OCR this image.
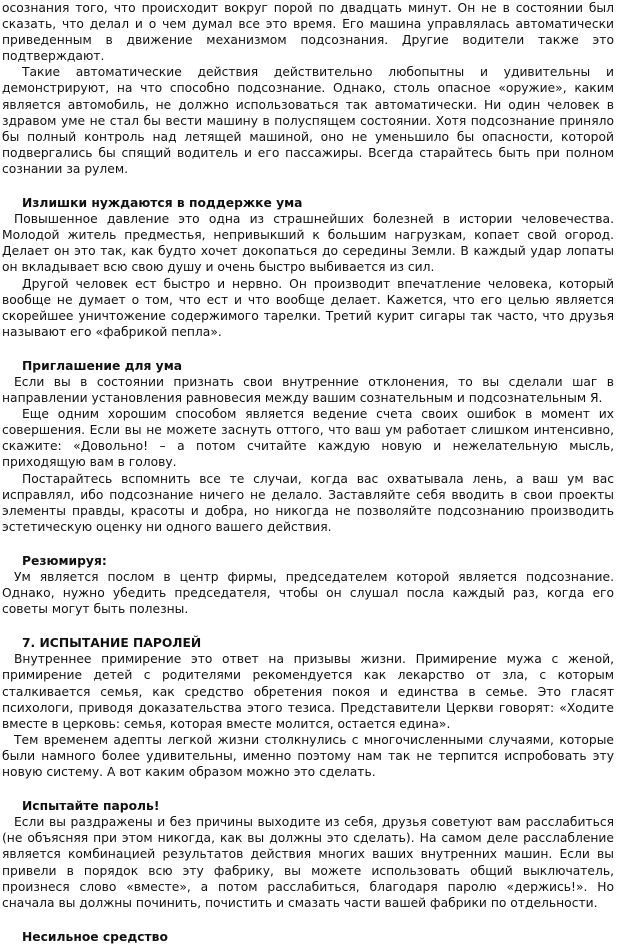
осознания того, что происходит вокруг порой по двадцать минут. Он не в состоянии был сказать, что делал и о чем думал все это время. Его машина управлялась автоматически приведенным в движение механизмом подсознания. Другие водители также это подтверждают.

Такие автоматические действия действительно любопытны и удивительны и демонстрируют, на что способно подсознание. Однако, столь опасное «оружие», каким является автомобиль, не должно использоваться так автоматически. Ни один человек в здравом уме не стал бы вести машину в полуспящем состоянии. Хотя подсознание приняло бы полный контроль над летящей машиной, оно не уменьшило бы опасности, которой подвергались бы спящий водитель и его пассажиры. Всегда старайтесь быть при полном сознании за рулем.

Излишки нуждаются в поддержке ума

Повышенное давление это одна из страшнейших болезней в истории человечества. Молодой житель предместья, непривыкший к большим нагрузкам, копает свой огород. Делает он это так, как будто хочет докопаться до середины Земли. В каждый удар лопаты он вкладывает всю свою душу и очень быстро выбивается из сил.

Другой человек ест быстро и нервно. Он производит впечатление человека, который вообще не думает о том, что ест и что вообще делает. Кажется, что его целью является скорейшее уничтожение содержимого тарелки. Третий курит сигары так часто, что друзья называют его «фабрикой пепла».

Приглашение для ума

Если вы в состоянии признать свои внутренние отклонения, то вы сделали шаг в направлении установления равновесия между вашим сознательным и подсознательным Я.

Еще одним хорошим способом является ведение счета своих ошибок в момент их совершения. Если вы не можете заснуть оттого, что ваш ум работает слишком интенсивно, скажите: «Довольно! – а потом считайте каждую новую и нежелательную мысль, приходящую вам в голову.

Постарайтесь вспомнить все те случаи, когда вас охватывала лень, а ваш ум вас исправлял, ибо подсознание ничего не делало. Заставляйте себя вводить в свои проекты элементы правды, красоты и добра, но никогда не позволяйте подсознанию производить эстетическую оценку ни одного вашего действия.

Резюмируя:

Ум является послом в центр фирмы, председателем которой является подсознание. Однако, нужно убедить председателя, чтобы он слушал посла каждый раз, когда его советы могут быть полезны.

7. ИСПЫТАНИЕ ПАРОЛЕЙ

Внутреннее примирение это ответ на призывы жизни. Примирение мужа с женой, примирение детей с родителями рекомендуется как лекарство от зла, с которым сталкивается семья, как средство обретения покоя и единства в семье. Это гласят психологи, приводя доказательства этого тезиса. Представители Церкви говорят: «Ходите вместе в церковь: семья, которая вместе молится, остается едина».

Тем временем адепты легкой жизни столкнулись с многочисленными случаями, которые были намного более удивительны, именно поэтому нам так не терпится испробовать эту новую систему. А вот каким образом можно это сделать.

Испытайте пароль!

Если вы раздражены и без причины выходите из себя, друзья советуют вам расслабиться (не объясняя при этом никогда, как вы должны это сделать). На самом деле расслабление является комбинацией результатов действия многих ваших внутренних машин. Если вы привели в порядок всю эту фабрику, вы можете использовать общий выключатель, произнеся слово «вместе», а потом расслабиться, благодаря паролю «держись!». Но сначала вы должны починить, почистить и смазать части вашей фабрики по отдельности.

Несильное средство
